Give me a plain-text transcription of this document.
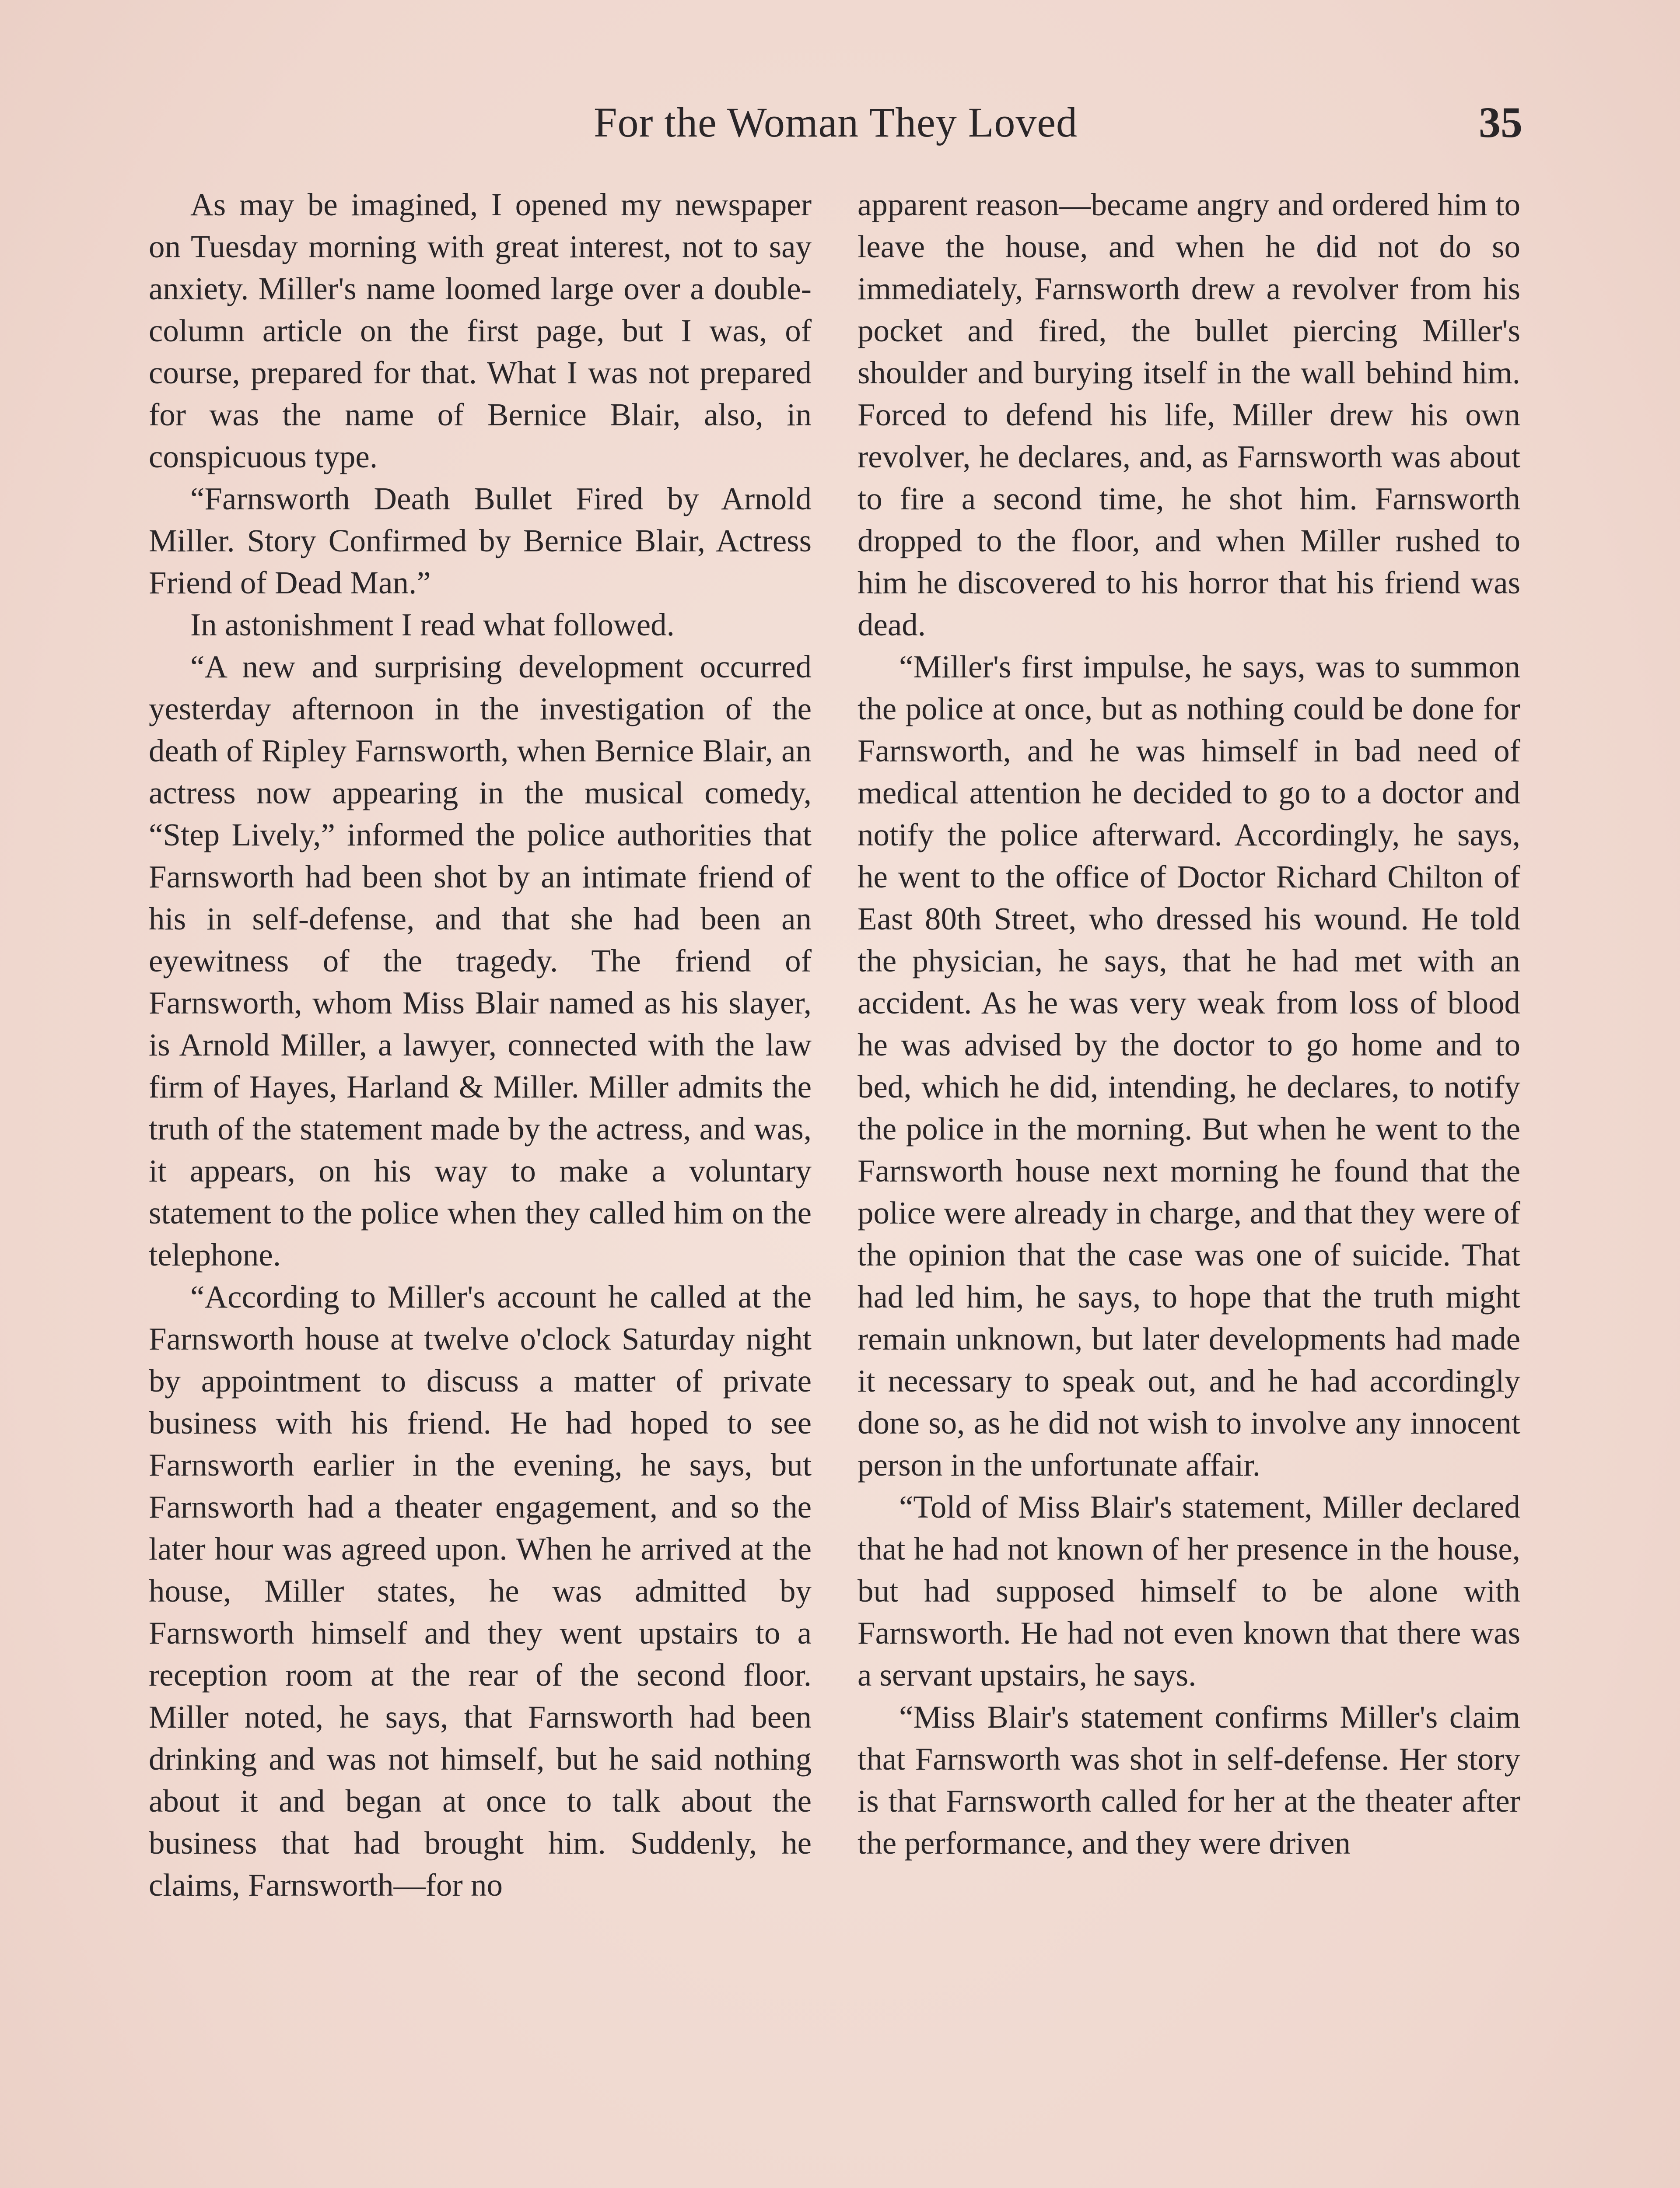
For the Woman They Loved	35

As may be imagined, I opened my newspaper on Tuesday morning with great interest, not to say anxiety. Miller's name loomed large over a double-column article on the first page, but I was, of course, prepared for that. What I was not prepared for was the name of Bernice Blair, also, in conspicuous type.

“Farnsworth Death Bullet Fired by Arnold Miller. Story Confirmed by Bernice Blair, Actress Friend of Dead Man.”

In astonishment I read what followed.

“A new and surprising development occurred yesterday afternoon in the investigation of the death of Ripley Farnsworth, when Bernice Blair, an actress now appearing in the musical comedy, “Step Lively,” informed the police authorities that Farnsworth had been shot by an intimate friend of his in self-defense, and that she had been an eyewitness of the tragedy. The friend of Farnsworth, whom Miss Blair named as his slayer, is Arnold Miller, a lawyer, connected with the law firm of Hayes, Harland & Miller. Miller admits the truth of the statement made by the actress, and was, it appears, on his way to make a voluntary statement to the police when they called him on the telephone.

“According to Miller's account he called at the Farnsworth house at twelve o'clock Saturday night by appointment to discuss a matter of private business with his friend. He had hoped to see Farnsworth earlier in the evening, he says, but Farnsworth had a theater engagement, and so the later hour was agreed upon. When he arrived at the house, Miller states, he was admitted by Farnsworth himself and they went upstairs to a reception room at the rear of the second floor. Miller noted, he says, that Farnsworth had been drinking and was not himself, but he said nothing about it and began at once to talk about the business that had brought him. Suddenly, he claims, Farnsworth—for no

apparent reason—became angry and ordered him to leave the house, and when he did not do so immediately, Farnsworth drew a revolver from his pocket and fired, the bullet piercing Miller's shoulder and burying itself in the wall behind him. Forced to defend his life, Miller drew his own revolver, he declares, and, as Farnsworth was about to fire a second time, he shot him. Farnsworth dropped to the floor, and when Miller rushed to him he discovered to his horror that his friend was dead.

“Miller's first impulse, he says, was to summon the police at once, but as nothing could be done for Farnsworth, and he was himself in bad need of medical attention he decided to go to a doctor and notify the police afterward. Accordingly, he says, he went to the office of Doctor Richard Chilton of East 80th Street, who dressed his wound. He told the physician, he says, that he had met with an accident. As he was very weak from loss of blood he was advised by the doctor to go home and to bed, which he did, intending, he declares, to notify the police in the morning. But when he went to the Farnsworth house next morning he found that the police were already in charge, and that they were of the opinion that the case was one of suicide. That had led him, he says, to hope that the truth might remain unknown, but later developments had made it necessary to speak out, and he had accordingly done so, as he did not wish to involve any innocent person in the unfortunate affair.

“Told of Miss Blair's statement, Miller declared that he had not known of her presence in the house, but had supposed himself to be alone with Farnsworth. He had not even known that there was a servant upstairs, he says.

“Miss Blair's statement confirms Miller's claim that Farnsworth was shot in self-defense. Her story is that Farnsworth called for her at the theater after the performance, and they were driven
